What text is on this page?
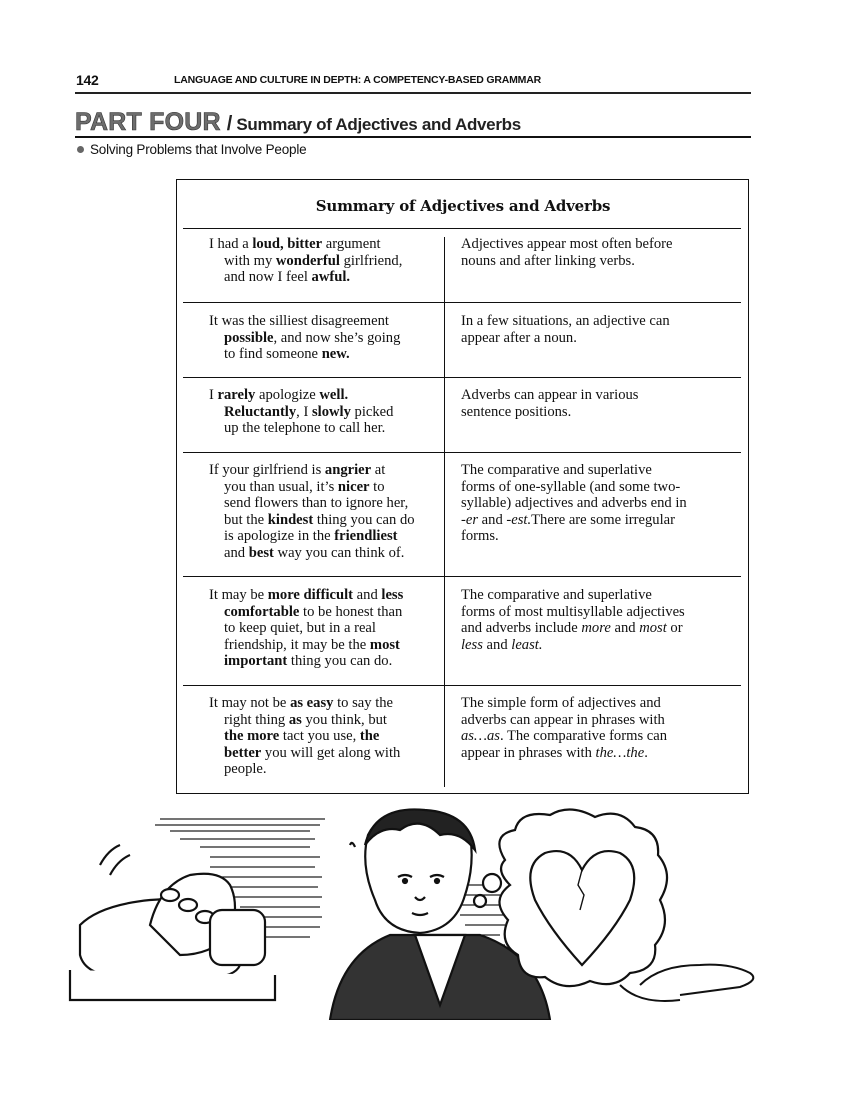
142	LANGUAGE AND CULTURE IN DEPTH: A COMPETENCY-BASED GRAMMAR
PART FOUR / Summary of Adjectives and Adverbs
Solving Problems that Involve People
Summary of Adjectives and Adverbs
I had a loud, bitter argument
with my wonderful girlfriend,
and now I feel awful.
Adjectives appear most often before
nouns and after linking verbs.
It was the silliest disagreement
possible, and now she’s going
to find someone new.
In a few situations, an adjective can
appear after a noun.
I rarely apologize well.
Reluctantly, I slowly picked
up the telephone to call her.
Adverbs can appear in various
sentence positions.
If your girlfriend is angrier at
you than usual, it’s nicer to
send flowers than to ignore her,
but the kindest thing you can do
is apologize in the friendliest
and best way you can think of.
The comparative and superlative
forms of one-syllable (and some two-
syllable) adjectives and adverbs end in
-er and -est.There are some irregular
forms.
It may be more difficult and less
comfortable to be honest than
to keep quiet, but in a real
friendship, it may be the most
important thing you can do.
The comparative and superlative
forms of most multisyllable adjectives
and adverbs include more and most or
less and least.
It may not be as easy to say the
right thing as you think, but
the more tact you use, the
better you will get along with
people.
The simple form of adjectives and
adverbs can appear in phrases with
as…as. The comparative forms can
appear in phrases with the…the.
